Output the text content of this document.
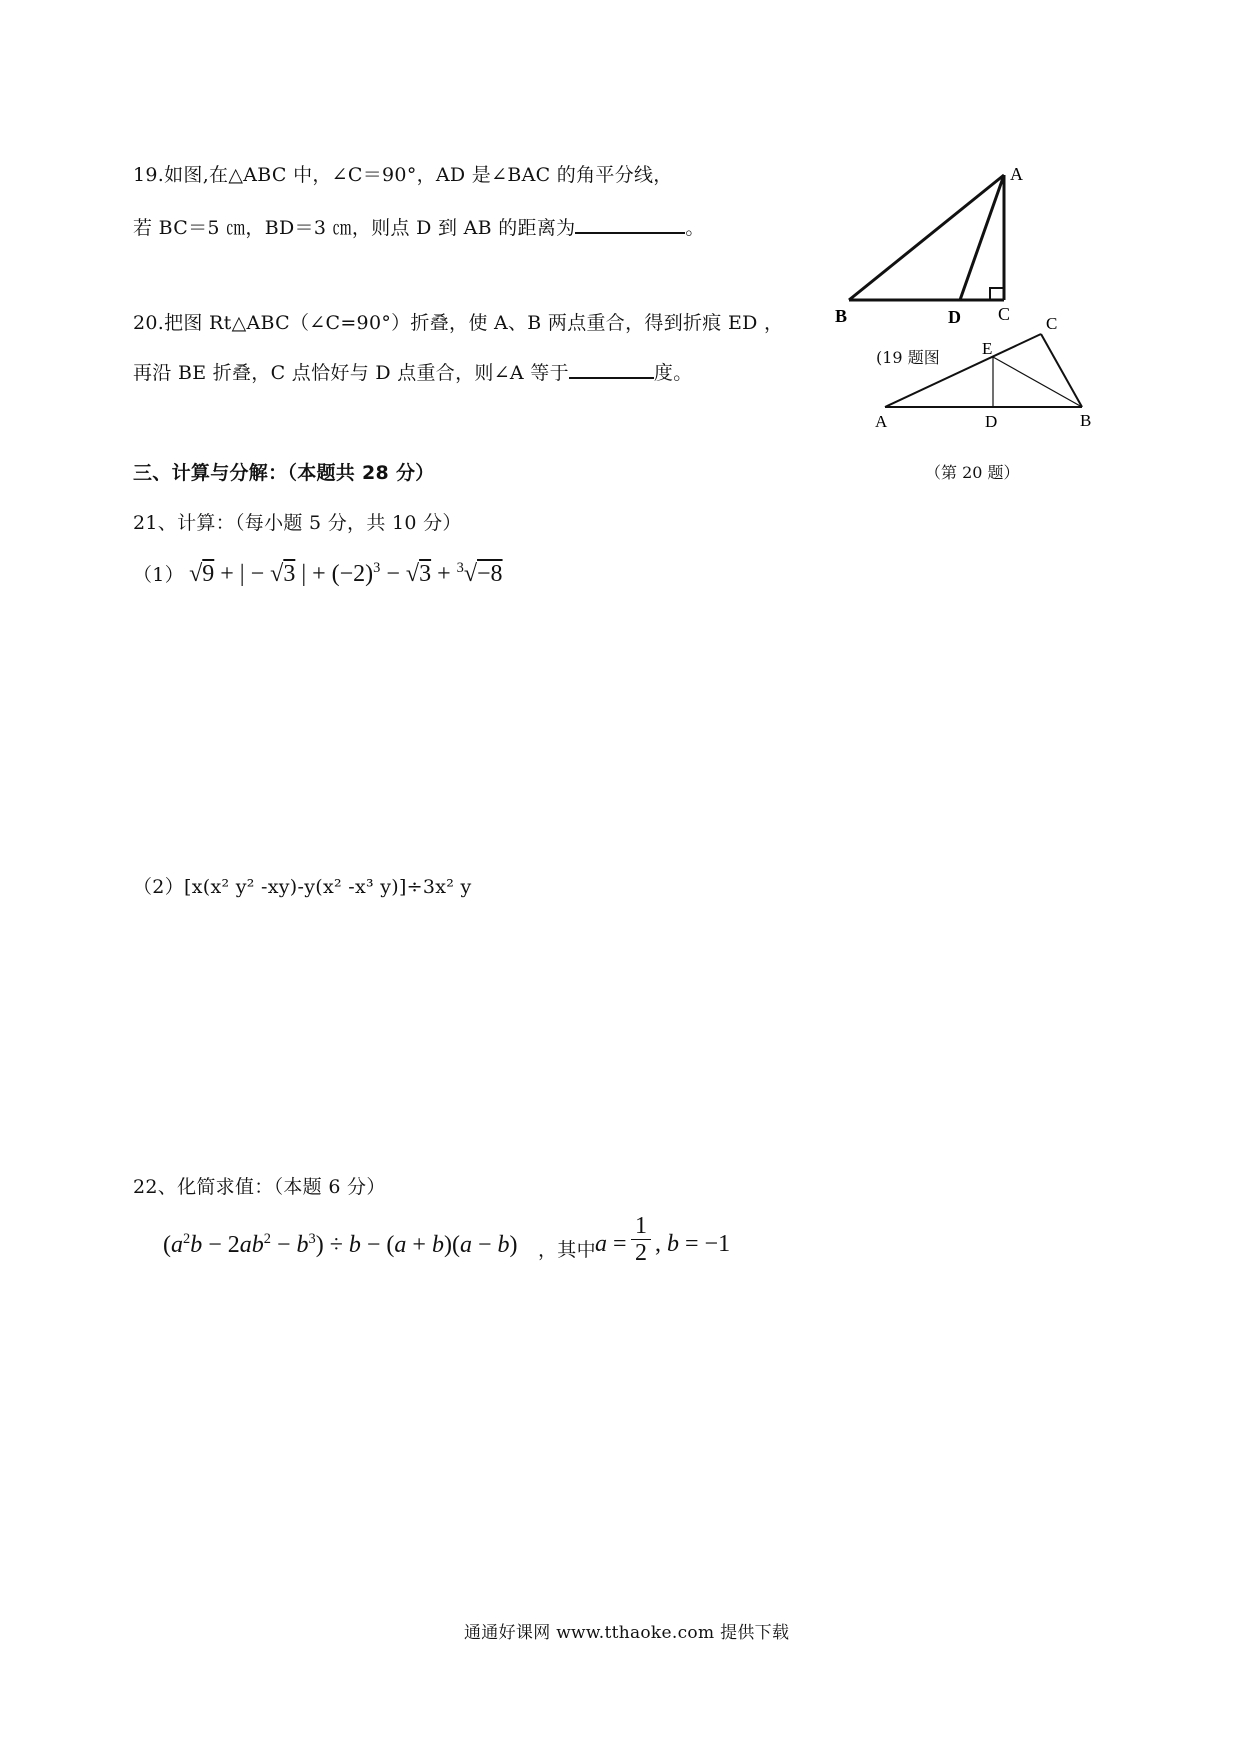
19.如图,在△ABC 中，∠C＝90°，AD 是∠BAC 的角平分线，
若 BC＝5 ㎝，BD＝3 ㎝，则点 D 到 AB 的距离为	。
A
B	D C
20.把图 Rt△ABC（∠C=90°）折叠，使 A、B 两点重合，得到折痕 ED ，
再沿 BE 折叠，C 点恰好与 D 点重合，则∠A 等于	度。
(19 题图
C
E
A	D	B
（第 20 题）
三、计算与分解：（本题共 28 分）
21、计算：（每小题 5 分，共 10 分）
（1） √9 + | − √3 | + $(-2)^3 - √3 + ^3√-8$
（2）[x(x² y² -xy)-y(x² -x³ y)]÷3x² y
22、化简求值：（本题 6 分）
$(a^2b - 2ab^2 - b^3) \div b - (a + b)(a - b)$ ，其中 a =
1
2 , b = −1
通通好课网 www.tthaoke.com 提供下载
